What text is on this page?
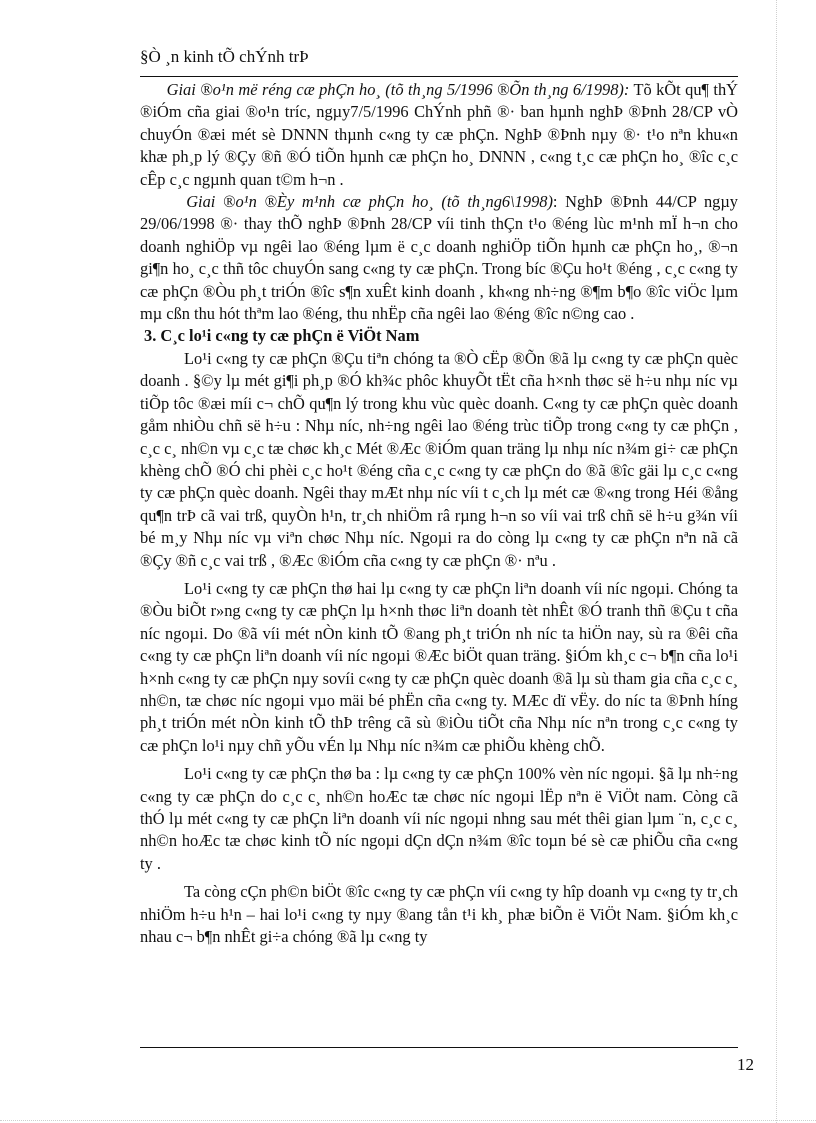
§Ò ¸n kinh tÕ chÝnh trÞ

Giai ®o¹n më réng cæ phÇn ho¸ (tõ th¸ng 5/1996 ®Õn th¸ng 6/1998): Tõ kÕt qu¶ thÝ ®iÓm cña giai ®o¹n tríc, ngµy7/5/1996 ChÝnh phñ ®· ban hµnh nghÞ ®Þnh 28/CP vÒ chuyÓn ®æi mét sè DNNN thµnh c«ng ty cæ phÇn. NghÞ ®Þnh nµy ®· t¹o nªn khu«n khæ ph¸p lý ®Çy ®ñ ®Ó tiÕn hµnh cæ phÇn ho¸ DNNN , c«ng t¸c cæ phÇn ho¸ ®îc c¸c cÊp c¸c ngµnh quan t©m h¬n .

Giai ®o¹n ®Èy m¹nh cæ phÇn ho¸ (tõ th¸ng6\1998): NghÞ ®Þnh 44/CP ngµy 29/06/1998 ®· thay thÕ nghÞ ®Þnh 28/CP víi tinh thÇn t¹o ®éng lùc m¹nh mÏ h¬n cho doanh nghiÖp vµ ngêi lao ®éng lµm ë c¸c doanh nghiÖp tiÕn hµnh cæ phÇn ho¸, ®¬n gi¶n ho¸ c¸c thñ tôc chuyÓn sang c«ng ty cæ phÇn. Trong bíc ®Çu ho¹t ®éng , c¸c c«ng ty cæ phÇn ®Òu ph¸t triÓn ®îc s¶n xuÊt kinh doanh , kh«ng nh÷ng ®¶m b¶o ®îc viÖc lµm mµ cßn thu hót thªm lao ®éng, thu nhËp cña ngêi lao ®éng ®îc n©ng cao .

3. C¸c lo¹i c«ng ty cæ phÇn ë ViÖt Nam

Lo¹i c«ng ty cæ phÇn ®Çu tiªn chóng ta ®Ò cËp ®Õn ®ã lµ c«ng ty cæ phÇn quèc doanh . §©y lµ mét gi¶i ph¸p ®Ó kh¾c phôc khuyÕt tËt cña h×nh thøc së h÷u nhµ níc vµ tiÕp tôc ®æi míi c¬ chÕ qu¶n lý trong khu vùc quèc doanh. C«ng ty cæ phÇn quèc doanh gåm nhiÒu chñ së h÷u : Nhµ níc, nh÷ng ngêi lao ®éng trùc tiÕp trong c«ng ty cæ phÇn , c¸c c¸ nh©n vµ c¸c tæ chøc kh¸c Mét ®Æc ®iÓm quan träng lµ nhµ níc n¾m gi÷ cæ phÇn khèng chÕ ®Ó chi phèi c¸c ho¹t ®éng cña c¸c c«ng ty cæ phÇn do ®ã ®îc gäi lµ c¸c c«ng ty cæ phÇn quèc doanh. Ngêi thay mÆt nhµ níc víi t c¸ch lµ mét cæ ®«ng trong Héi ®ång qu¶n trÞ cã vai trß, quyÒn h¹n, tr¸ch nhiÖm râ rµng h¬n so víi vai trß chñ së h÷u g¾n víi bé m¸y Nhµ níc vµ viªn chøc Nhµ níc. Ngoµi ra do còng lµ c«ng ty cæ phÇn nªn nã cã ®Çy ®ñ c¸c vai trß , ®Æc ®iÓm cña c«ng ty cæ phÇn ®· nªu .

Lo¹i c«ng ty cæ phÇn thø hai lµ c«ng ty cæ phÇn liªn doanh víi níc ngoµi. Chóng ta ®Òu biÕt r»ng c«ng ty cæ phÇn lµ h×nh thøc liªn doanh tèt nhÊt ®Ó tranh thñ ®Çu t cña níc ngoµi. Do ®ã víi mét nÒn kinh tÕ ®ang ph¸t triÓn nh níc ta hiÖn nay, sù ra ®êi cña c«ng ty cæ phÇn liªn doanh víi níc ngoµi ®Æc biÖt quan träng. §iÓm kh¸c c¬ b¶n cña lo¹i h×nh c«ng ty cæ phÇn nµy sovíi c«ng ty cæ phÇn quèc doanh ®ã lµ sù tham gia cña c¸c c¸ nh©n, tæ chøc níc ngoµi vµo mäi bé phËn cña c«ng ty. MÆc dï vËy. do níc ta ®Þnh híng ph¸t triÓn mét nÒn kinh tÕ thÞ trêng cã sù ®iÒu tiÕt cña Nhµ níc nªn trong c¸c c«ng ty cæ phÇn lo¹i nµy chñ yÕu vÉn lµ Nhµ níc n¾m cæ phiÕu khèng chÕ.

Lo¹i c«ng ty cæ phÇn thø ba : lµ c«ng ty cæ phÇn 100% vèn níc ngoµi. §ã lµ nh÷ng c«ng ty cæ phÇn do c¸c c¸ nh©n hoÆc tæ chøc níc ngoµi lËp nªn ë ViÖt nam. Còng cã thÓ lµ mét c«ng ty cæ phÇn liªn doanh víi níc ngoµi nhng sau mét thêi gian lµm ¨n, c¸c c¸ nh©n hoÆc tæ chøc kinh tÕ níc ngoµi dÇn dÇn n¾m ®îc toµn bé sè cæ phiÕu cña c«ng ty .

Ta còng cÇn ph©n biÖt ®îc c«ng ty cæ phÇn víi c«ng ty hîp doanh vµ c«ng ty tr¸ch nhiÖm h÷u h¹n – hai lo¹i c«ng ty nµy ®ang tån t¹i kh¸ phæ biÕn ë ViÖt Nam. §iÓm kh¸c nhau c¬ b¶n nhÊt gi÷a chóng ®ã lµ c«ng ty

12
